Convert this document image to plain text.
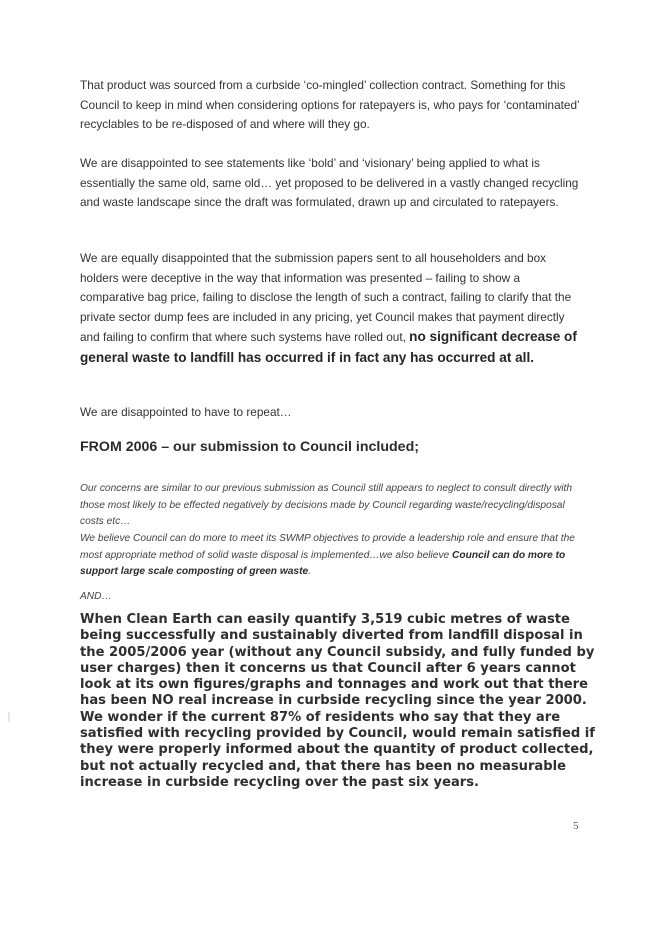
That product was sourced from a curbside ‘co-mingled’ collection contract. Something for this Council to keep in mind when considering options for ratepayers is, who pays for ‘contaminated’ recyclables to be re-disposed of and where will they go.

We are disappointed to see statements like ‘bold’ and ‘visionary’ being applied to what is essentially the same old, same old… yet proposed to be delivered in a vastly changed recycling and waste landscape since the draft was formulated, drawn up and circulated to ratepayers.

We are equally disappointed that the submission papers sent to all householders and box holders were deceptive in the way that information was presented – failing to show a comparative bag price, failing to disclose the length of such a contract, failing to clarify that the private sector dump fees are included in any pricing, yet Council makes that payment directly and failing to confirm that where such systems have rolled out, no significant decrease of general waste to landfill has occurred if in fact any has occurred at all.

We are disappointed to have to repeat…

FROM 2006 – our submission to Council included;

Our concerns are similar to our previous submission as Council still appears to neglect to consult directly with those most likely to be effected negatively by decisions made by Council regarding waste/recycling/disposal costs etc…

We believe Council can do more to meet its SWMP objectives to provide a leadership role and ensure that the most appropriate method of solid waste disposal is implemented…we also believe Council can do more to support large scale composting of green waste.

AND…

When Clean Earth can easily quantify 3,519 cubic metres of waste being successfully and sustainably diverted from landfill disposal in the 2005/2006 year (without any Council subsidy, and fully funded by user charges) then it concerns us that Council after 6 years cannot look at its own figures/graphs and tonnages and work out that there has been NO real increase in curbside recycling since the year 2000. We wonder if the current 87% of residents who say that they are satisfied with recycling provided by Council, would remain satisfied if they were properly informed about the quantity of product collected, but not actually recycled and, that there has been no measurable increase in curbside recycling over the past six years.

5
